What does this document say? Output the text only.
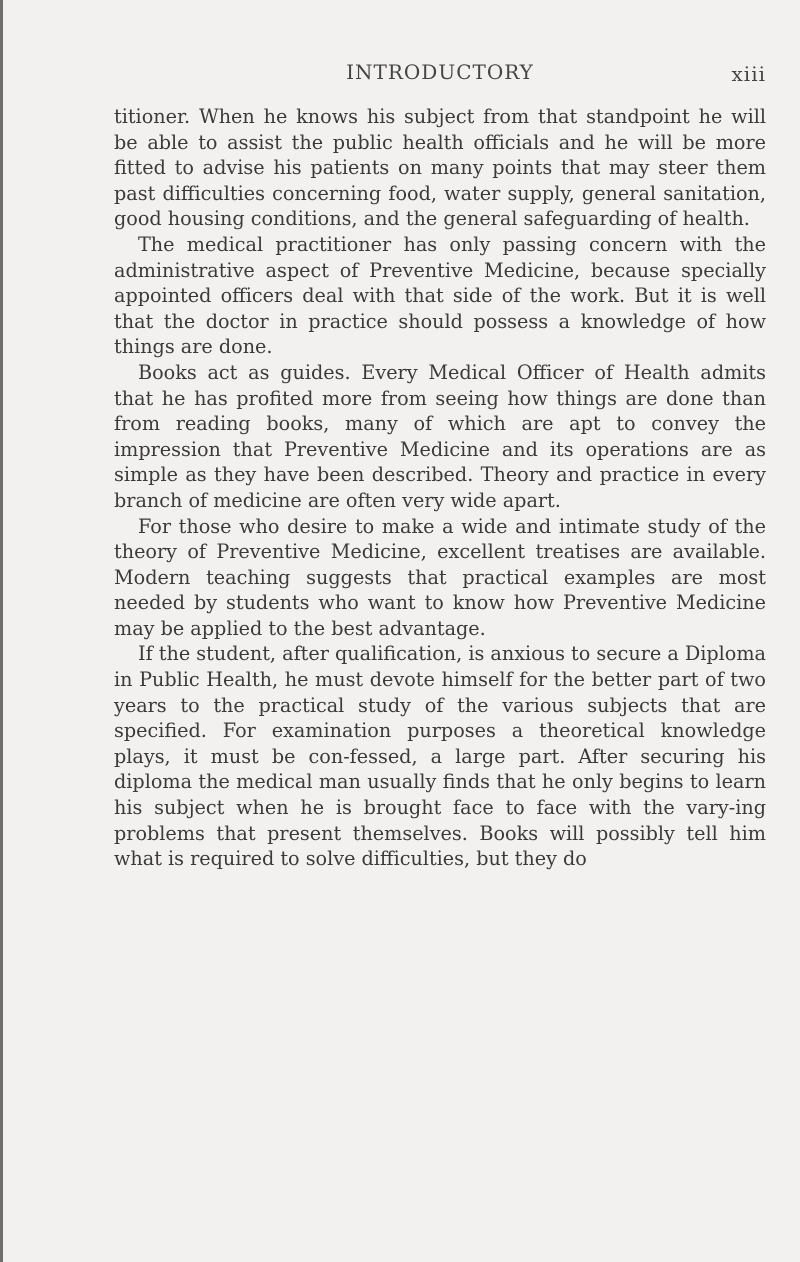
INTRODUCTORY	xiii

titioner. When he knows his subject from that standpoint he will be able to assist the public health officials and he will be more fitted to advise his patients on many points that may steer them past difficulties concerning food, water supply, general sanitation, good housing conditions, and the general safeguarding of health.

The medical practitioner has only passing concern with the administrative aspect of Preventive Medicine, because specially appointed officers deal with that side of the work. But it is well that the doctor in practice should possess a knowledge of how things are done.

Books act as guides. Every Medical Officer of Health admits that he has profited more from seeing how things are done than from reading books, many of which are apt to convey the impression that Preventive Medicine and its operations are as simple as they have been described. Theory and practice in every branch of medicine are often very wide apart.

For those who desire to make a wide and intimate study of the theory of Preventive Medicine, excellent treatises are available. Modern teaching suggests that practical examples are most needed by students who want to know how Preventive Medicine may be applied to the best advantage.

If the student, after qualification, is anxious to secure a Diploma in Public Health, he must devote himself for the better part of two years to the practical study of the various subjects that are specified. For examination purposes a theoretical knowledge plays, it must be con-fessed, a large part. After securing his diploma the medical man usually finds that he only begins to learn his subject when he is brought face to face with the vary-ing problems that present themselves. Books will possibly tell him what is required to solve difficulties, but they do
